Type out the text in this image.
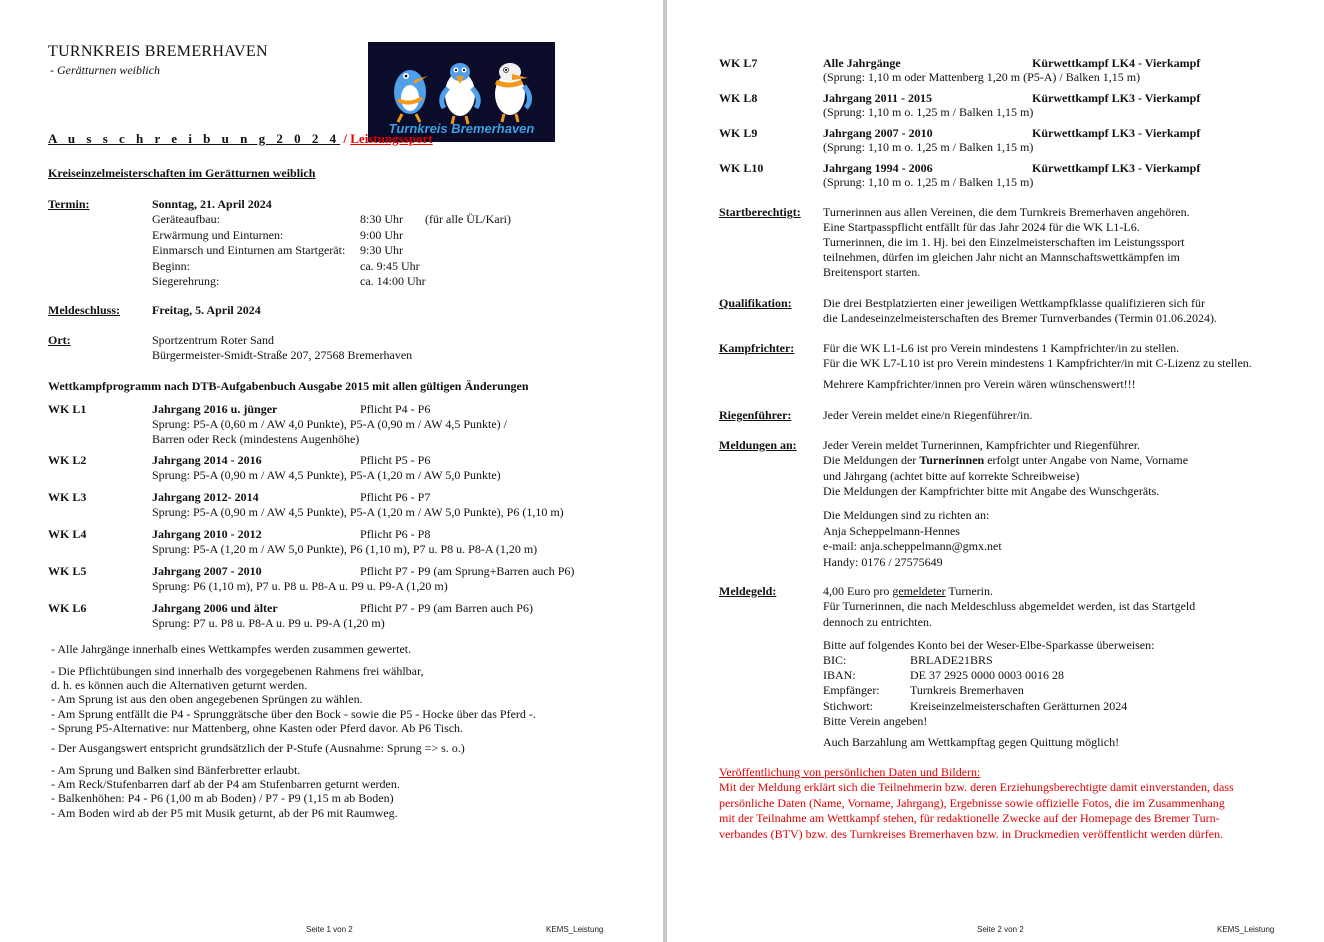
TURNKREIS BREMERHAVEN
- Gerätturnen weiblich
Turnkreis Bremerhaven
A u s s c h r e i b u n g 2 0 2 4 / Leistungssport
Kreiseinzelmeisterschaften im Gerätturnen weiblich
Termin:	Sonntag, 21. April 2024
Geräteaufbau:	8:30 Uhr (für alle ÜL/Kari)
Erwärmung und Einturnen:	9:00 Uhr
Einmarsch und Einturnen am Startgerät: 9:30 Uhr
Beginn:	ca. 9:45 Uhr
Siegerehrung:	ca. 14:00 Uhr
Meldeschluss:	Freitag, 5. April 2024
Ort:	Sportzentrum Roter Sand
Bürgermeister-Smidt-Straße 207, 27568 Bremerhaven
Wettkampfprogramm nach DTB-Aufgabenbuch Ausgabe 2015 mit allen gültigen Änderungen
WK L1	Jahrgang 2016 u. jünger	Pflicht P4 - P6
Sprung: P5-A (0,60 m / AW 4,0 Punkte), P5-A (0,90 m / AW 4,5 Punkte) /
Barren oder Reck (mindestens Augenhöhe)
WK L2	Jahrgang 2014 - 2016	Pflicht P5 - P6
Sprung: P5-A (0,90 m / AW 4,5 Punkte), P5-A (1,20 m / AW 5,0 Punkte)
WK L3	Jahrgang 2012- 2014	Pflicht P6 - P7
Sprung: P5-A (0,90 m / AW 4,5 Punkte), P5-A (1,20 m / AW 5,0 Punkte), P6 (1,10 m)
WK L4	Jahrgang 2010 - 2012	Pflicht P6 - P8
Sprung: P5-A (1,20 m / AW 5,0 Punkte), P6 (1,10 m), P7 u. P8 u. P8-A (1,20 m)
WK L5	Jahrgang 2007 - 2010	Pflicht P7 - P9 (am Sprung+Barren auch P6)
Sprung: P6 (1,10 m), P7 u. P8 u. P8-A u. P9 u. P9-A (1,20 m)
WK L6	Jahrgang 2006 und älter	Pflicht P7 - P9 (am Barren auch P6)
Sprung: P7 u. P8 u. P8-A u. P9 u. P9-A (1,20 m)
- Alle Jahrgänge innerhalb eines Wettkampfes werden zusammen gewertet.
- Die Pflichtübungen sind innerhalb des vorgegebenen Rahmens frei wählbar,
d. h. es können auch die Alternativen geturnt werden.
- Am Sprung ist aus den oben angegebenen Sprüngen zu wählen.
- Am Sprung entfällt die P4 - Sprunggrätsche über den Bock - sowie die P5 - Hocke über das Pferd -.
- Sprung P5-Alternative: nur Mattenberg, ohne Kasten oder Pferd davor. Ab P6 Tisch.
- Der Ausgangswert entspricht grundsätzlich der P-Stufe (Ausnahme: Sprung => s. o.)
- Am Sprung und Balken sind Bänferbretter erlaubt.
- Am Reck/Stufenbarren darf ab der P4 am Stufenbarren geturnt werden.
- Balkenhöhen: P4 - P6 (1,00 m ab Boden) / P7 - P9 (1,15 m ab Boden)
- Am Boden wird ab der P5 mit Musik geturnt, ab der P6 mit Raumweg.
Seite 1 von 2	KEMS_Leistung
WK L7	Alle Jahrgänge	Kürwettkampf LK4 - Vierkampf
(Sprung: 1,10 m oder Mattenberg 1,20 m (P5-A) / Balken 1,15 m)
WK L8	Jahrgang 2011 - 2015	Kürwettkampf LK3 - Vierkampf
(Sprung: 1,10 m o. 1,25 m / Balken 1,15 m)
WK L9	Jahrgang 2007 - 2010	Kürwettkampf LK3 - Vierkampf
(Sprung: 1,10 m o. 1,25 m / Balken 1,15 m)
WK L10	Jahrgang 1994 - 2006	Kürwettkampf LK3 - Vierkampf
(Sprung: 1,10 m o. 1,25 m / Balken 1,15 m)
Startberechtigt: Turnerinnen aus allen Vereinen, die dem Turnkreis Bremerhaven angehören.
Eine Startpasspflicht entfällt für das Jahr 2024 für die WK L1-L6.
Turnerinnen, die im 1. Hj. bei den Einzelmeisterschaften im Leistungssport
teilnehmen, dürfen im gleichen Jahr nicht an Mannschaftswettkämpfen im
Breitensport starten.
Qualifikation:	Die drei Bestplatzierten einer jeweiligen Wettkampfklasse qualifizieren sich für
die Landeseinzelmeisterschaften des Bremer Turnverbandes (Termin 01.06.2024).
Kampfrichter: Für die WK L1-L6 ist pro Verein mindestens 1 Kampfrichter/in zu stellen.
Für die WK L7-L10 ist pro Verein mindestens 1 Kampfrichter/in mit C-Lizenz zu stellen.
Mehrere Kampfrichter/innen pro Verein wären wünschenswert!!!
Riegenführer:	Jeder Verein meldet eine/n Riegenführer/in.
Meldungen an: Jeder Verein meldet Turnerinnen, Kampfrichter und Riegenführer.
Die Meldungen der Turnerinnen erfolgt unter Angabe von Name, Vorname
und Jahrgang (achtet bitte auf korrekte Schreibweise)
Die Meldungen der Kampfrichter bitte mit Angabe des Wunschgeräts.
Die Meldungen sind zu richten an:
Anja Scheppelmann-Hennes
e-mail: anja.scheppelmann@gmx.net
Handy: 0176 / 27575649
Meldegeld:	4,00 Euro pro gemeldeter Turnerin.
Für Turnerinnen, die nach Meldeschluss abgemeldet werden, ist das Startgeld
dennoch zu entrichten.
Bitte auf folgendes Konto bei der Weser-Elbe-Sparkasse überweisen:
BIC:	BRLADE21BRS
IBAN:	DE 37 2925 0000 0003 0016 28
Empfänger:	Turnkreis Bremerhaven
Stichwort:	Kreiseinzelmeisterschaften Gerätturnen 2024
Bitte Verein angeben!
Auch Barzahlung am Wettkampftag gegen Quittung möglich!
Veröffentlichung von persönlichen Daten und Bildern:
Mit der Meldung erklärt sich die Teilnehmerin bzw. deren Erziehungsberechtigte damit einverstanden, dass
persönliche Daten (Name, Vorname, Jahrgang), Ergebnisse sowie offizielle Fotos, die im Zusammenhang
mit der Teilnahme am Wettkampf stehen, für redaktionelle Zwecke auf der Homepage des Bremer Turn-
verbandes (BTV) bzw. des Turnkreises Bremerhaven bzw. in Druckmedien veröffentlicht werden dürfen.
Seite 2 von 2	KEMS_Leistung
